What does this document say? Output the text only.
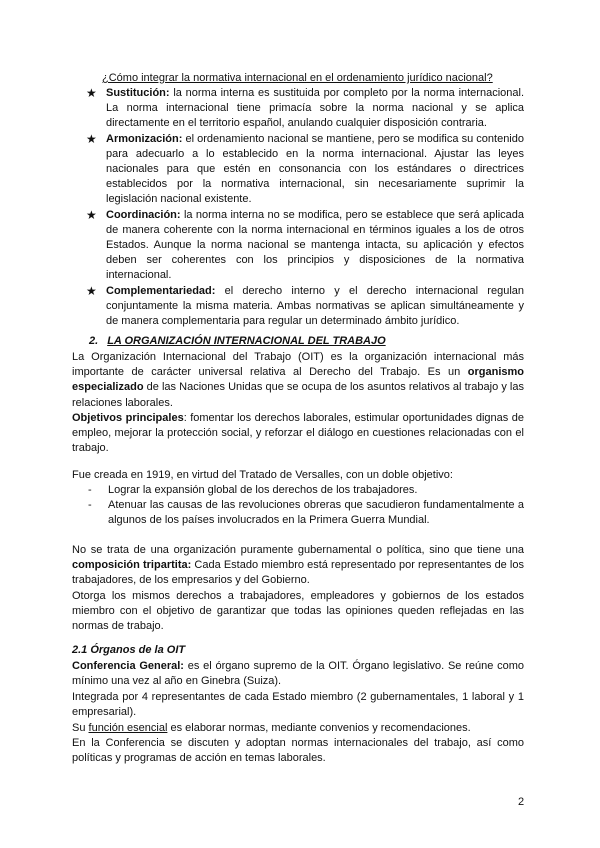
¿Cómo integrar la normativa internacional en el ordenamiento jurídico nacional?

★ Sustitución: la norma interna es sustituida por completo por la norma internacional. La norma internacional tiene primacía sobre la norma nacional y se aplica directamente en el territorio español, anulando cualquier disposición contraria.

★ Armonización: el ordenamiento nacional se mantiene, pero se modifica su contenido para adecuarlo a lo establecido en la norma internacional. Ajustar las leyes nacionales para que estén en consonancia con los estándares o directrices establecidos por la normativa internacional, sin necesariamente suprimir la legislación nacional existente.

★ Coordinación: la norma interna no se modifica, pero se establece que será aplicada de manera coherente con la norma internacional en términos iguales a los de otros Estados. Aunque la norma nacional se mantenga intacta, su aplicación y efectos deben ser coherentes con los principios y disposiciones de la normativa internacional.

★ Complementariedad: el derecho interno y el derecho internacional regulan conjuntamente la misma materia. Ambas normativas se aplican simultáneamente y de manera complementaria para regular un determinado ámbito jurídico.

2. LA ORGANIZACIÓN INTERNACIONAL DEL TRABAJO
La Organización Internacional del Trabajo (OIT) es la organización internacional más importante de carácter universal relativa al Derecho del Trabajo. Es un organismo especializado de las Naciones Unidas que se ocupa de los asuntos relativos al trabajo y las relaciones laborales.
Objetivos principales: fomentar los derechos laborales, estimular oportunidades dignas de empleo, mejorar la protección social, y reforzar el diálogo en cuestiones relacionadas con el trabajo.
Fue creada en 1919, en virtud del Tratado de Versalles, con un doble objetivo:
- Lograr la expansión global de los derechos de los trabajadores.
- Atenuar las causas de las revoluciones obreras que sacudieron fundamentalmente a algunos de los países involucrados en la Primera Guerra Mundial.
No se trata de una organización puramente gubernamental o política, sino que tiene una composición tripartita: Cada Estado miembro está representado por representantes de los trabajadores, de los empresarios y del Gobierno.
Otorga los mismos derechos a trabajadores, empleadores y gobiernos de los estados miembro con el objetivo de garantizar que todas las opiniones queden reflejadas en las normas de trabajo.
2.1 Órganos de la OIT
Conferencia General: es el órgano supremo de la OIT. Órgano legislativo. Se reúne como mínimo una vez al año en Ginebra (Suiza).
Integrada por 4 representantes de cada Estado miembro (2 gubernamentales, 1 laboral y 1 empresarial).
Su función esencial es elaborar normas, mediante convenios y recomendaciones.
En la Conferencia se discuten y adoptan normas internacionales del trabajo, así como políticas y programas de acción en temas laborales.
2
